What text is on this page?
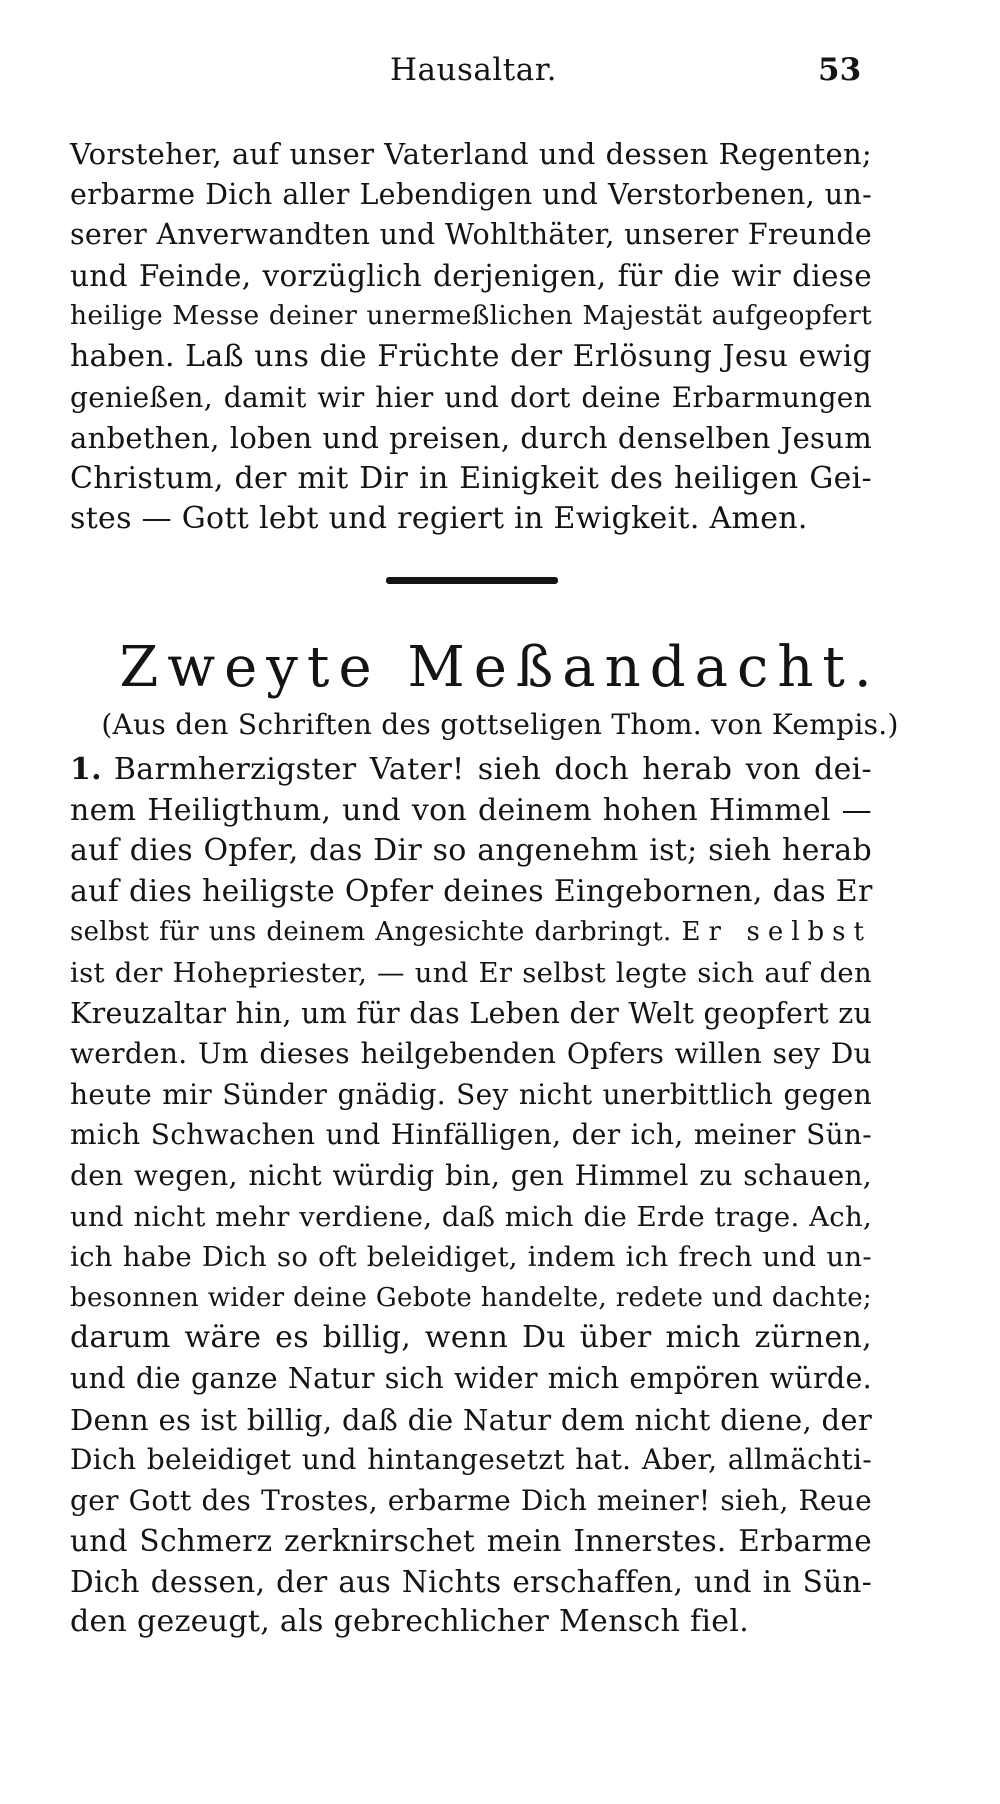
Hausaltar.	53

Vorsteher, auf unser Vaterland und dessen Regenten;
erbarme Dich aller Lebendigen und Verstorbenen, un-
serer Anverwandten und Wohlthäter, unserer Freunde
und Feinde, vorzüglich derjenigen, für die wir diese
heilige Messe deiner unermeßlichen Majestät aufgeopfert
haben. Laß uns die Früchte der Erlösung Jesu ewig
genießen, damit wir hier und dort deine Erbarmungen
anbethen, loben und preisen, durch denselben Jesum
Christum, der mit Dir in Einigkeit des heiligen Gei-
stes — Gott lebt und regiert in Ewigkeit. Amen.

Zweyte Meßandacht.
(Aus den Schriften des gottseligen Thom. von Kempis.)

1. Barmherzigster Vater! sieh doch herab von dei-
nem Heiligthum, und von deinem hohen Himmel —
auf dies Opfer, das Dir so angenehm ist; sieh herab
auf dies heiligste Opfer deines Eingebornen, das Er
selbst für uns deinem Angesichte darbringt. Er selbst
ist der Hohepriester, — und Er selbst legte sich auf den
Kreuzaltar hin, um für das Leben der Welt geopfert zu
werden. Um dieses heilgebenden Opfers willen sey Du
heute mir Sünder gnädig. Sey nicht unerbittlich gegen
mich Schwachen und Hinfälligen, der ich, meiner Sün-
den wegen, nicht würdig bin, gen Himmel zu schauen,
und nicht mehr verdiene, daß mich die Erde trage. Ach,
ich habe Dich so oft beleidiget, indem ich frech und un-
besonnen wider deine Gebote handelte, redete und dachte;
darum wäre es billig, wenn Du über mich zürnen,
und die ganze Natur sich wider mich empören würde.
Denn es ist billig, daß die Natur dem nicht diene, der
Dich beleidiget und hintangesetzt hat. Aber, allmächti-
ger Gott des Trostes, erbarme Dich meiner! sieh, Reue
und Schmerz zerknirschet mein Innerstes. Erbarme
Dich dessen, der aus Nichts erschaffen, und in Sün-
den gezeugt, als gebrechlicher Mensch fiel.
